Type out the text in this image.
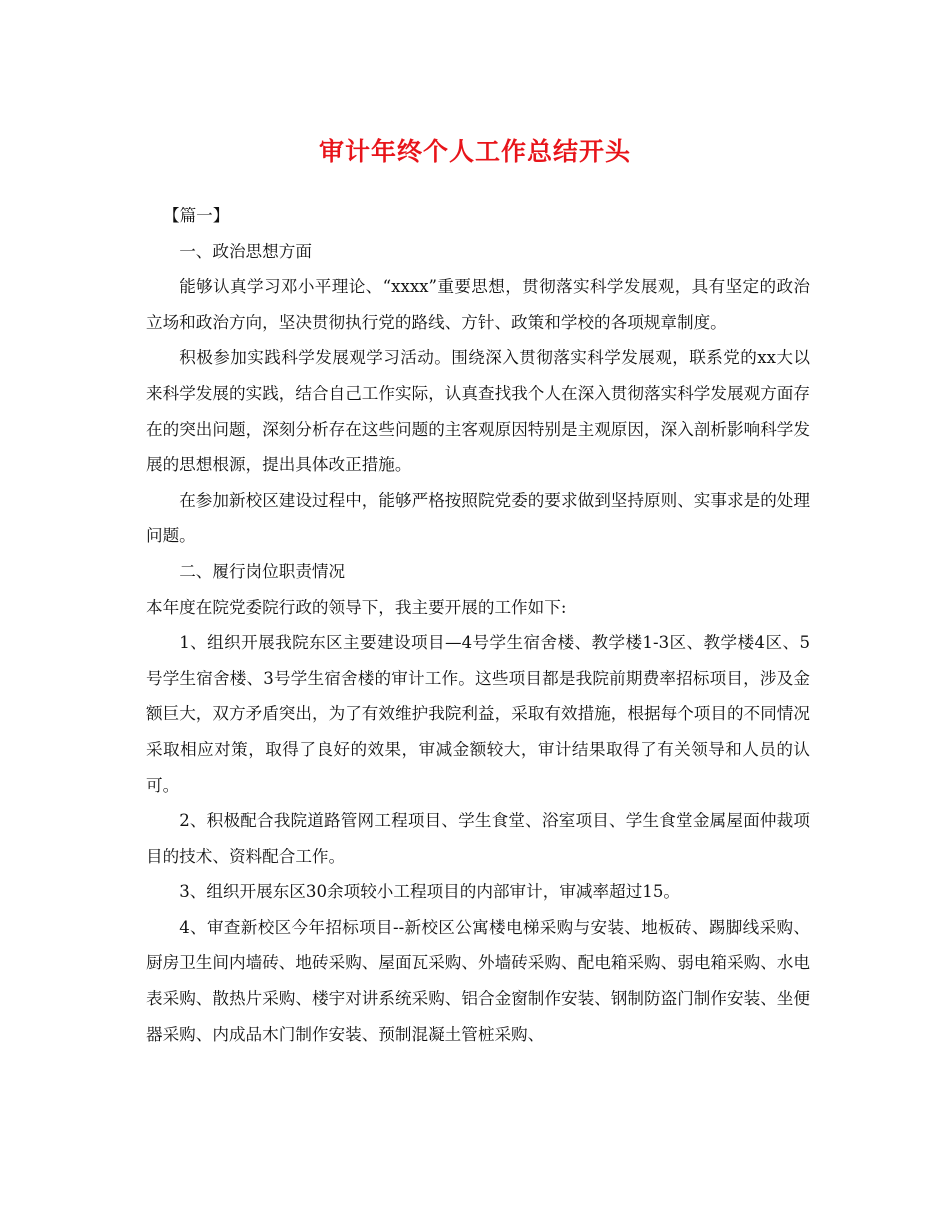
审计年终个人工作总结开头

【篇一】

一、政治思想方面

能够认真学习邓小平理论、“xxxx”重要思想，贯彻落实科学发展观，具有坚定的政治立场和政治方向，坚决贯彻执行党的路线、方针、政策和学校的各项规章制度。

积极参加实践科学发展观学习活动。围绕深入贯彻落实科学发展观，联系党的xx大以来科学发展的实践，结合自己工作实际，认真查找我个人在深入贯彻落实科学发展观方面存在的突出问题，深刻分析存在这些问题的主客观原因特别是主观原因，深入剖析影响科学发展的思想根源，提出具体改正措施。

在参加新校区建设过程中，能够严格按照院党委的要求做到坚持原则、实事求是的处理问题。

二、履行岗位职责情况

本年度在院党委院行政的领导下，我主要开展的工作如下:

1、组织开展我院东区主要建设项目—4号学生宿舍楼、教学楼1-3区、教学楼4区、5号学生宿舍楼、3号学生宿舍楼的审计工作。这些项目都是我院前期费率招标项目，涉及金额巨大，双方矛盾突出，为了有效维护我院利益，采取有效措施，根据每个项目的不同情况采取相应对策，取得了良好的效果，审减金额较大，审计结果取得了有关领导和人员的认可。

2、积极配合我院道路管网工程项目、学生食堂、浴室项目、学生食堂金属屋面仲裁项目的技术、资料配合工作。

3、组织开展东区30余项较小工程项目的内部审计，审减率超过15。

4、审查新校区今年招标项目--新校区公寓楼电梯采购与安装、地板砖、踢脚线采购、厨房卫生间内墙砖、地砖采购、屋面瓦采购、外墙砖采购、配电箱采购、弱电箱采购、水电表采购、散热片采购、楼宇对讲系统采购、铝合金窗制作安装、钢制防盗门制作安装、坐便器采购、内成品木门制作安装、预制混凝土管桩采购、
